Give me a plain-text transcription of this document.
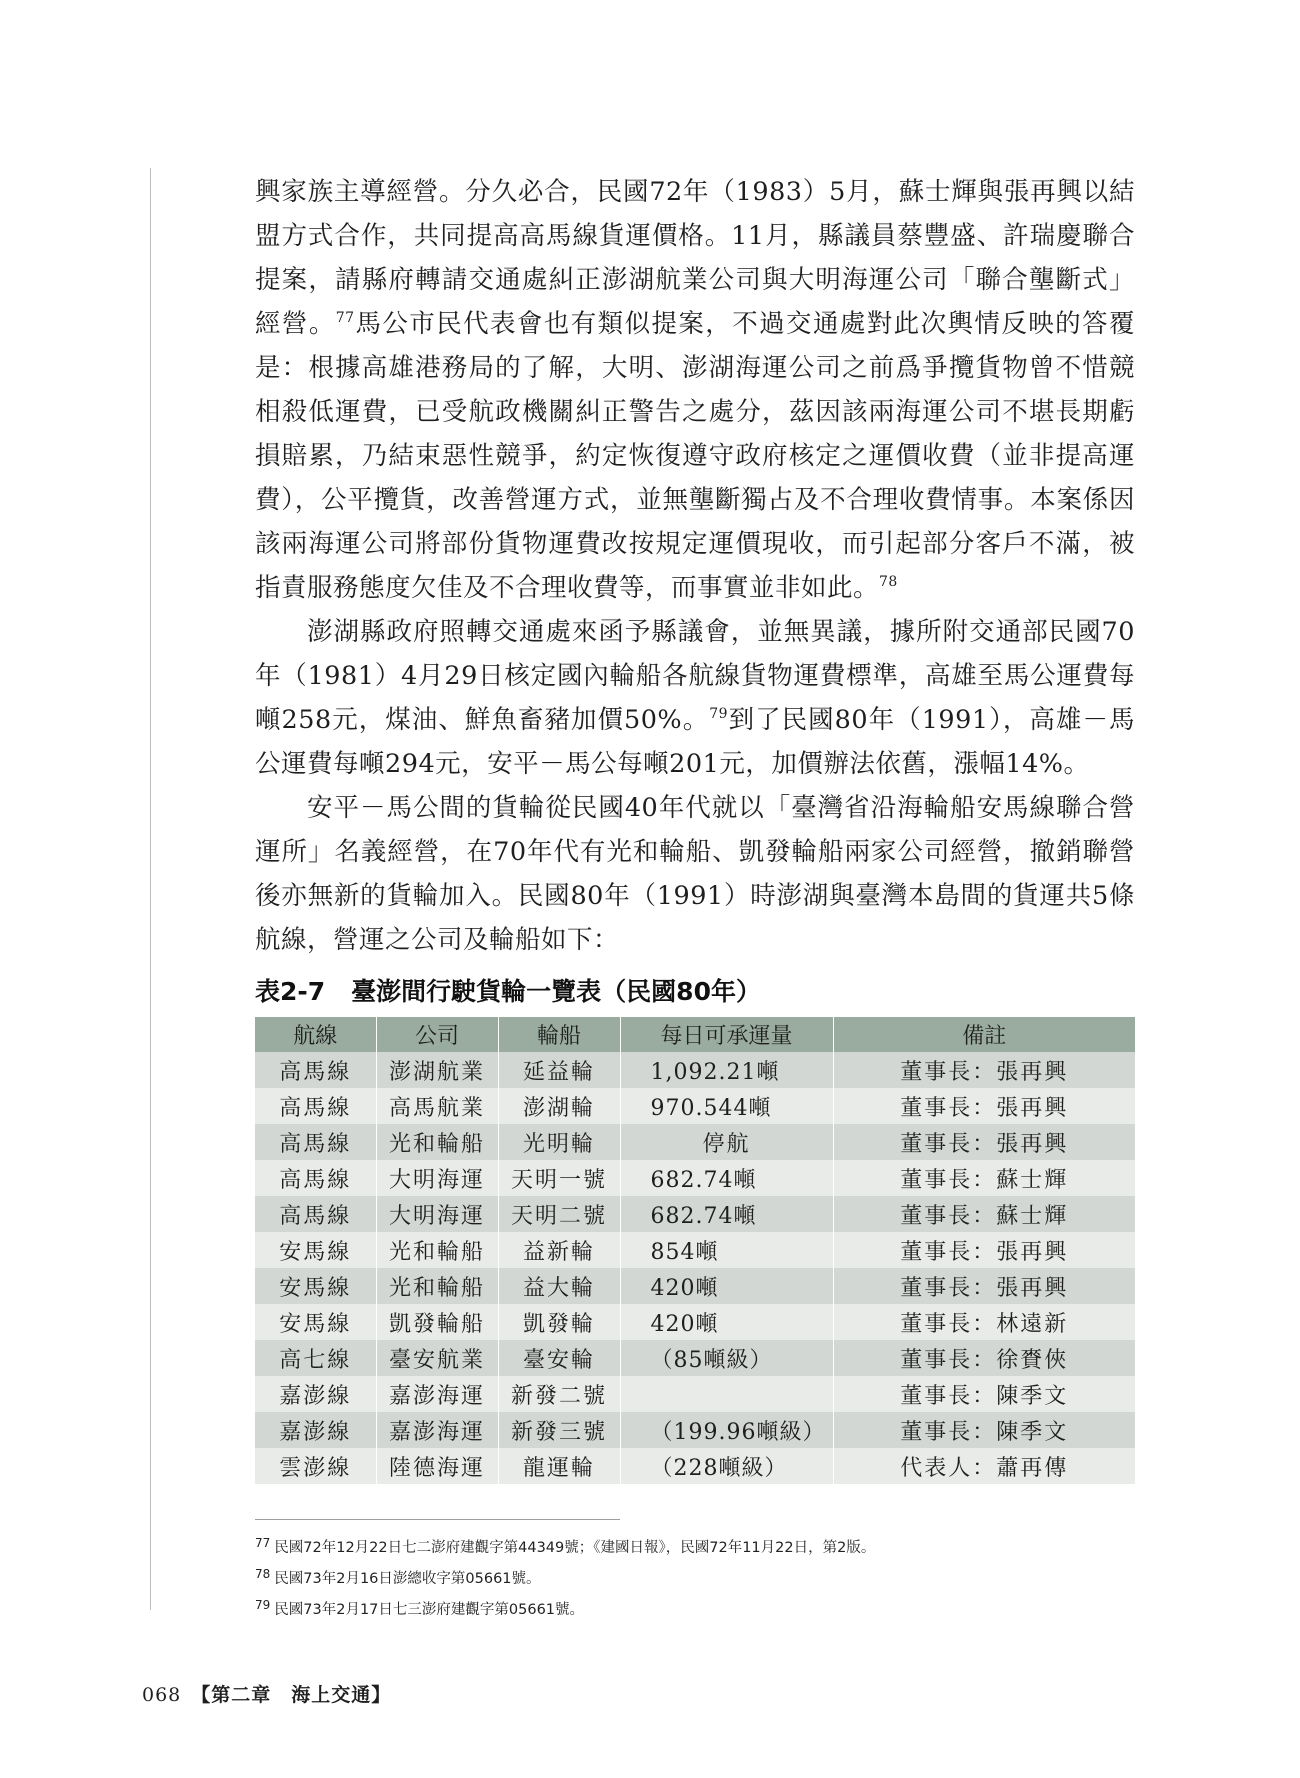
興家族主導經營。分久必合，民國72年（1983）5月，蘇士輝與張再興以結盟方式合作，共同提高高馬線貨運價格。11月，縣議員蔡豐盛、許瑞慶聯合提案，請縣府轉請交通處糾正澎湖航業公司與大明海運公司「聯合壟斷式」經營。$^{77}$馬公市民代表會也有類似提案，不過交通處對此次輿情反映的答覆是：根據高雄港務局的了解，大明、澎湖海運公司之前爲爭攬貨物曾不惜競相殺低運費，已受航政機關糾正警告之處分，茲因該兩海運公司不堪長期虧損賠累，乃結束惡性競爭，約定恢復遵守政府核定之運價收費（並非提高運費），公平攬貨，改善營運方式，並無壟斷獨占及不合理收費情事。本案係因該兩海運公司將部份貨物運費改按規定運價現收，而引起部分客戶不滿，被指責服務態度欠佳及不合理收費等，而事實並非如此。$^{78}$

澎湖縣政府照轉交通處來函予縣議會，並無異議，據所附交通部民國70年（1981）4月29日核定國內輪船各航線貨物運費標準，高雄至馬公運費每噸258元，煤油、鮮魚畜豬加價50%。$^{79}$到了民國80年（1991），高雄－馬公運費每噸294元，安平－馬公每噸201元，加價辦法依舊，漲幅14%。

安平－馬公間的貨輪從民國40年代就以「臺灣省沿海輪船安馬線聯合營運所」名義經營，在70年代有光和輪船、凱發輪船兩家公司經營，撤銷聯營後亦無新的貨輪加入。民國80年（1991）時澎湖與臺灣本島間的貨運共5條航線，營運之公司及輪船如下：

表2-7 臺澎間行駛貨輪一覽表（民國80年）
航線	公司	輪船	每日可承運量	備註
高馬線	澎湖航業	延益輪	1,092.21噸	董事長：張再興
高馬線	高馬航業	澎湖輪	970.544噸	董事長：張再興
高馬線	光和輪船	光明輪	停航	董事長：張再興
高馬線	大明海運	天明一號	682.74噸	董事長：蘇士輝
高馬線	大明海運	天明二號	682.74噸	董事長：蘇士輝
安馬線	光和輪船	益新輪	854噸	董事長：張再興
安馬線	光和輪船	益大輪	420噸	董事長：張再興
安馬線	凱發輪船	凱發輪	420噸	董事長：林遠新
高七線	臺安航業	臺安輪	（85噸級）	董事長：徐賚俠
嘉澎線	嘉澎海運	新發二號		董事長：陳季文
嘉澎線	嘉澎海運	新發三號	（199.96噸級）	董事長：陳季文
雲澎線	陸德海運	龍運輪	（228噸級）	代表人：蕭再傳
$^{77}$ 民國72年12月22日七二澎府建觀字第44349號；《建國日報》，民國72年11月22日，第2版。
$^{78}$ 民國73年2月16日澎總收字第05661號。
$^{79}$ 民國73年2月17日七三澎府建觀字第05661號。
068 【第二章　海上交通】
